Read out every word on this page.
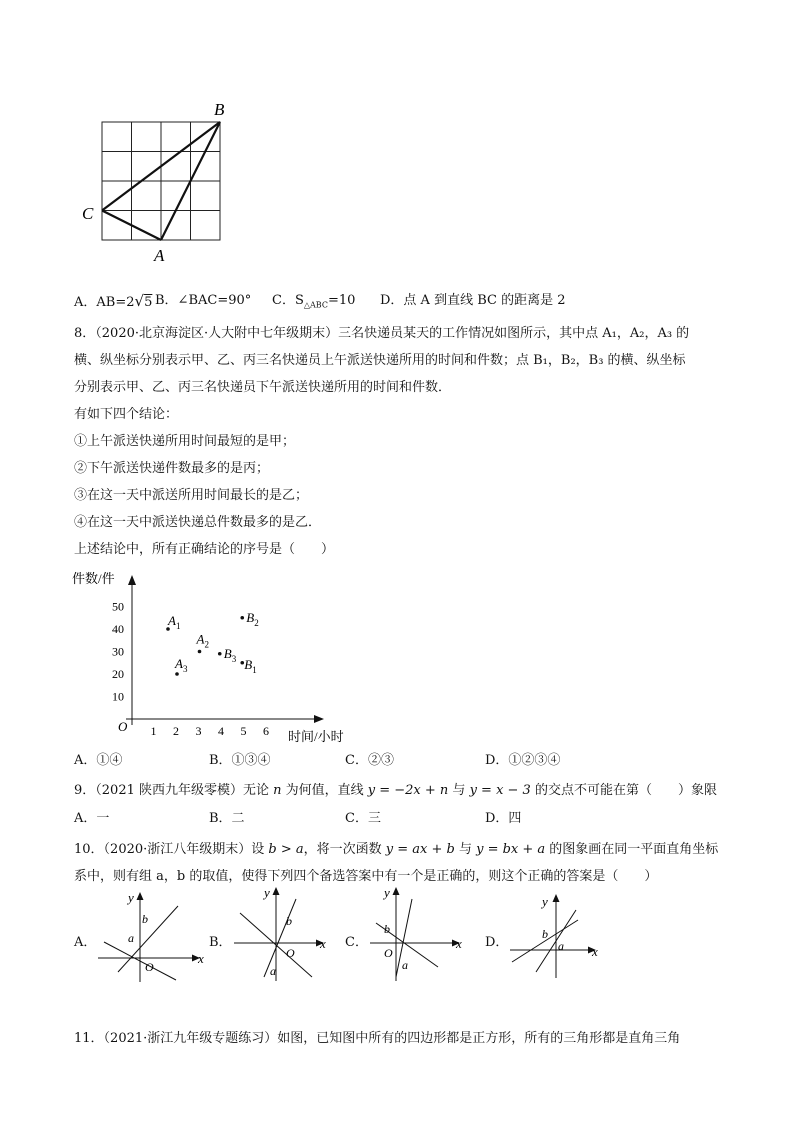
B
C
A
A．AB=2√5 B．∠BAC=90° C．$S_{\triangle ABC}=10$ D．点 A 到直线 BC 的距离是 2
8．（2020·北京海淀区·人大附中七年级期末）三名快递员某天的工作情况如图所示，其中点 A₁，A₂，A₃ 的
横、纵坐标分别表示甲、乙、丙三名快递员上午派送快递所用的时间和件数；点 B₁，B₂，B₃ 的横、纵坐标
分别表示甲、乙、丙三名快递员下午派送快递所用的时间和件数．
有如下四个结论：
①上午派送快递所用时间最短的是甲；
②下午派送快递件数最多的是丙；
③在这一天中派送所用时间最长的是乙；
④在这一天中派送快递总件数最多的是乙．
上述结论中，所有正确结论的序号是（　　）
件数/件
时间/小时
O 1 2 3 4 5 6
10
20
30
40
50
$A_1$
$A_2$
$A_3$	$B_1$
$B_2$
$B_3$
A．①④	B．①③④	C．②③	D．①②③④
9．（2021 陕西九年级零模）无论 n 为何值，直线 y = −2x + n 与 y = x − 3 的交点不可能在第（　　）象限
A．一	B．二	C．三	D．四
10．（2020·浙江八年级期末）设 b > a，将一次函数 y = ax + b 与 y = bx + a 的图象画在同一平面直角坐标
系中，则有组 a，b 的取值，使得下列四个备选答案中有一个是正确的，则这个正确的答案是（　　）
A．	B．	C．	D．
y
x
b
a
O
y
x
b
O
a
y
x
b
O
a
y
x
b
a
11．（2021·浙江九年级专题练习）如图，已知图中所有的四边形都是正方形，所有的三角形都是直角三角
